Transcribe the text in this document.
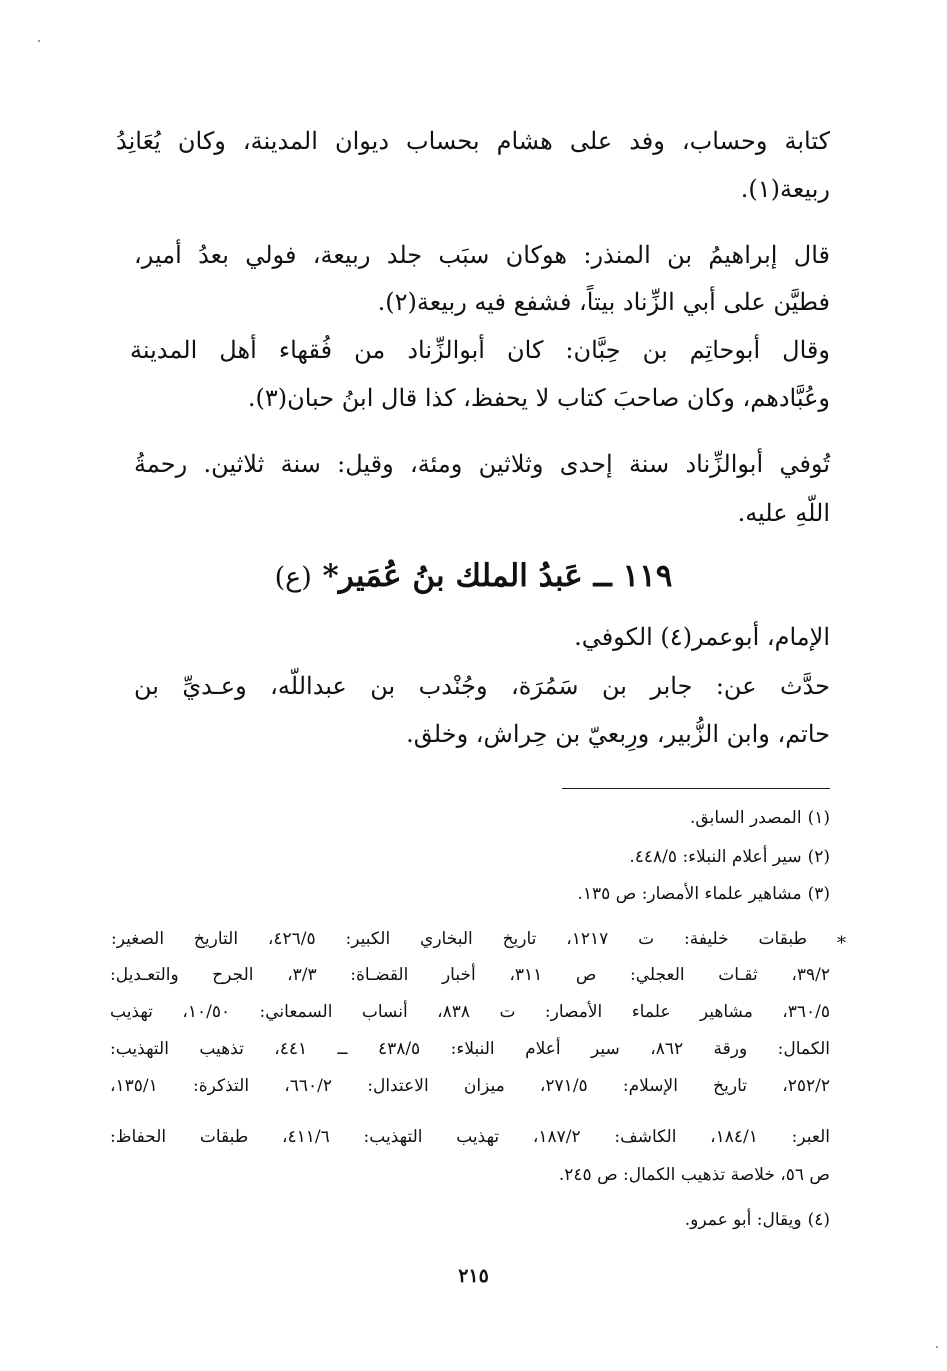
كتابة وحساب، وفد على هشام بحساب ديوان المدينة، وكان يُعَانِدُ
ربيعة(١).
قال إبراهيمُ بن المنذر: هوكان سبَب جلد ربيعة، فولي بعدُ أمير،
فطيَّن على أبي الزِّناد بيتاً، فشفع فيه ربيعة(٢).
وقال أبوحاتِم بن حِبَّان: كان أبوالزِّناد من فُقهاء أهل المدينة
وعُبَّادهم، وكان صاحبَ كتاب لا يحفظ، كذا قال ابنُ حبان(٣).
تُوفي أبوالزِّناد سنة إحدى وثلاثين ومئة، وقيل: سنة ثلاثين. رحمةُ
اللّهِ عليه.
١١٩ ــ عَبدُ الملك بنُ عُمَير* (ع)
الإمام، أبوعمر(٤) الكوفي.
حدَّث عن: جابر بن سَمُرَة، وجُنْدب بن عبداللّه، وعـديِّ بن
حاتم، وابن الزُّبير، ورِبعيّ بن حِراش، وخلق.
(١)المصدر السابق.
(٢)سير أعلام النبلاء: ٤٤٨/٥.
(٣)مشاهير علماء الأمصار: ص ١٣٥.
*
طبقات خليفة: ت ١٢١٧، تاريخ البخاري الكبير: ٤٢٦/٥، التاريخ الصغير:
٣٩/٢، ثقـات العجلي: ص ٣١١، أخبار القضـاة: ٣/٣، الجرح والتعـديل:
٣٦٠/٥، مشاهير علماء الأمصار: ت ٨٣٨، أنساب السمعاني: ١٠/٥٠، تهذيب
الكمال: ورقة ٨٦٢، سير أعلام النبلاء: ٤٣٨/٥ ــ ٤٤١، تذهيب التهذيب:
٢٥٢/٢، تاريخ الإسلام: ٢٧١/٥، ميزان الاعتدال: ٦٦٠/٢، التذكرة: ١٣٥/١،
العبر: ١٨٤/١، الكاشف: ١٨٧/٢، تهذيب التهذيب: ٤١١/٦، طبقات الحفاظ:
ص ٥٦، خلاصة تذهيب الكمال: ص ٢٤٥.
(٤)ويقال: أبو عمرو.
٢١٥
